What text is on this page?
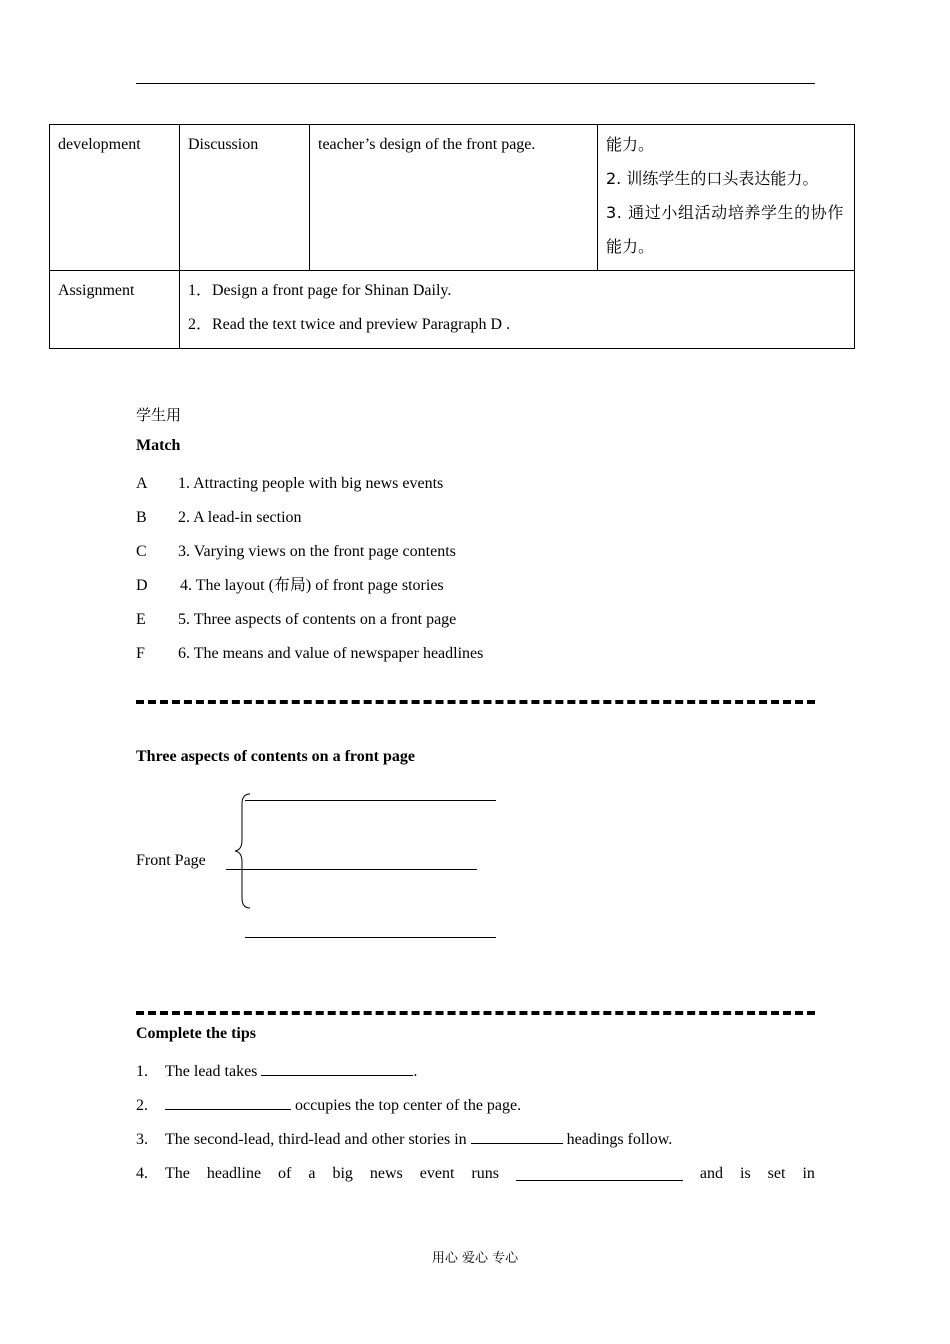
development	Discussion	teacher’s design of the front page.	能力。
2. 训练学生的口头表达能力。
3. 通过小组活动培养学生的协作
能力。

Assignment	1．Design a front page for Shinan Daily.
2．Read the text twice and preview Paragraph D .		
学生用
Match
A 1. Attracting people with big news events
B 2. A lead-in section
C 3. Varying views on the front page contents
D 4. The layout (布局) of front page stories
E 5. Three aspects of contents on a front page
F 6. The means and value of newspaper headlines
Three aspects of contents on a front page
Front Page
Complete the tips
1. The lead takes	.
2.	occupies the top center of the page.
3. The second-lead, third-lead and other stories in	headings follow.
4. The headline of a big news event runs	and is set in
用心 爱心 专心
